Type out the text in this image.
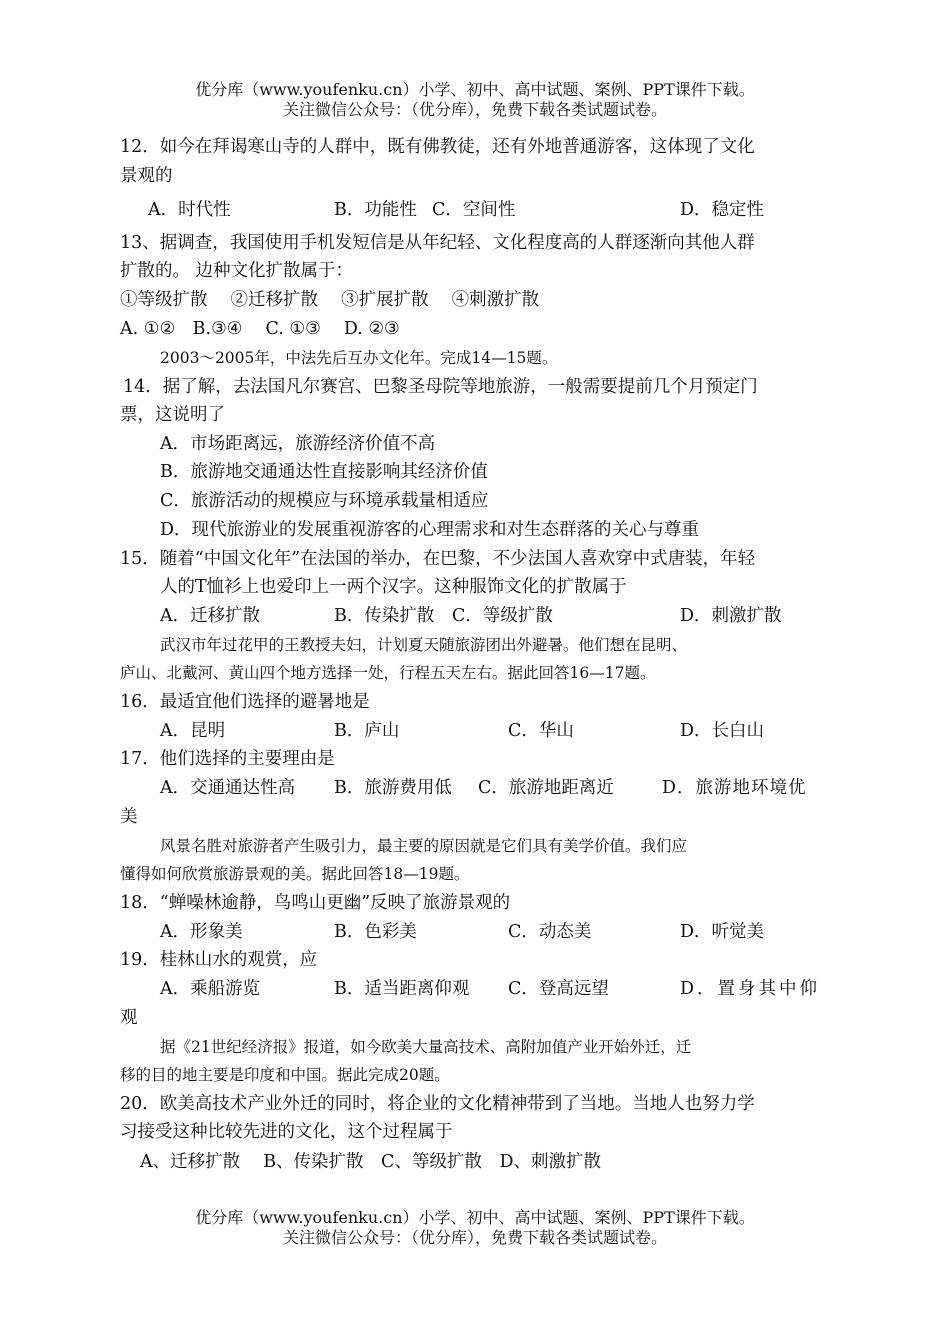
优分库（www.youfenku.cn）小学、初中、高中试题、案例、PPT课件下载。
关注微信公众号：（优分库），免费下载各类试题试卷。
12．如今在拜谒寒山寺的人群中，既有佛教徒，还有外地普通游客，这体现了文化
景观的
A．时代性	B．功能性 C．空间性	D．稳定性
13、据调查，我国使用手机发短信是从年纪轻、文化程度高的人群逐渐向其他人群
扩散的。 边种文化扩散属于：
①等级扩散　 ②迁移扩散　 ③扩展扩散　 ④刺激扩散
A. ①②　B.③④　 C. ①③　 D. ②③
2003～2005年，中法先后互办文化年。完成14—15题。
14．据了解，去法国凡尔赛宫、巴黎圣母院等地旅游，一般需要提前几个月预定门
票，这说明了
A．市场距离远，旅游经济价值不高
B．旅游地交通通达性直接影响其经济价值
C．旅游活动的规模应与环境承载量相适应
D．现代旅游业的发展重视游客的心理需求和对生态群落的关心与尊重
15．随着“中国文化年”在法国的举办，在巴黎，不少法国人喜欢穿中式唐装，年轻
人的T恤衫上也爱印上一两个汉字。这种服饰文化的扩散属于
A．迁移扩散	B．传染扩散 C．等级扩散	D．刺激扩散
武汉市年过花甲的王教授夫妇，计划夏天随旅游团出外避暑。他们想在昆明、
庐山、北戴河、黄山四个地方选择一处，行程五天左右。据此回答16—17题。
16．最适宜他们选择的避暑地是
A．昆明	B．庐山	C．华山	D．长白山
17．他们选择的主要理由是
A．交通通达性高 B．旅游费用低 C．旅游地距离近	D．旅游地环境优
美
风景名胜对旅游者产生吸引力，最主要的原因就是它们具有美学价值。我们应
懂得如何欣赏旅游景观的美。据此回答18—19题。
18．“蝉噪林逾静，鸟鸣山更幽”反映了旅游景观的
A．形象美	B．色彩美	C．动态美	D．听觉美
19．桂林山水的观赏，应
A．乘船游览	B．适当距离仰观 C．登高远望	D．置身其中仰
观
据《21世纪经济报》报道，如今欧美大量高技术、高附加值产业开始外迁，迁
移的目的地主要是印度和中国。据此完成20题。
20．欧美高技术产业外迁的同时，将企业的文化精神带到了当地。当地人也努力学
习接受这种比较先进的文化，这个过程属于
A、迁移扩散　 B、传染扩散　C、等级扩散　D、刺激扩散
优分库（www.youfenku.cn）小学、初中、高中试题、案例、PPT课件下载。
关注微信公众号：（优分库），免费下载各类试题试卷。
